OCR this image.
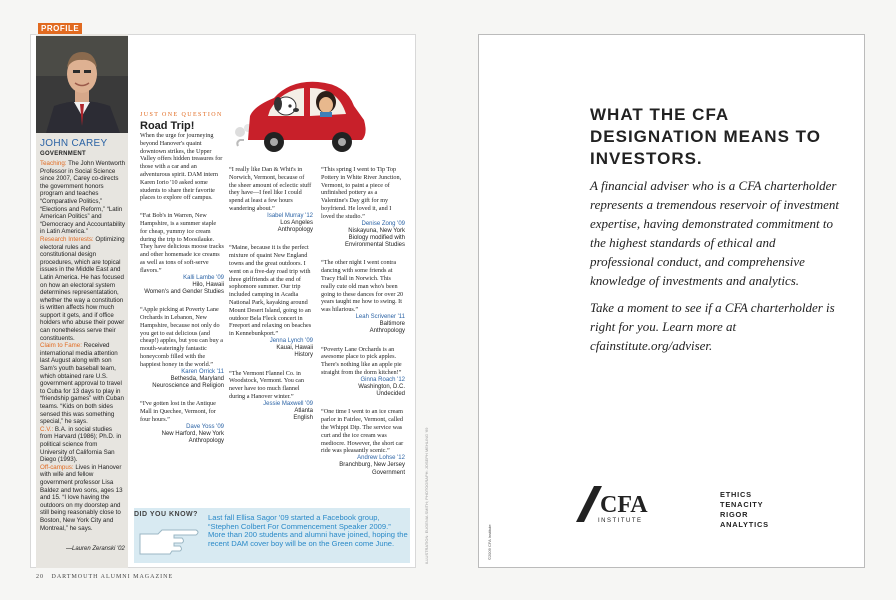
PROFILE
JOHN CAREY
GOVERNMENT

Teaching: The John Wentworth Professor in Social Science since 2007, Carey co-directs the government honors program and teaches “Comparative Politics,” “Elections and Reform,” “Latin American Politics” and “Democracy and Accountability in Latin America.”

Research Interests: Optimizing electoral rules and constitutional design procedures, which are topical issues in the Middle East and Latin America. He has focused on how an electoral system determines representatation, whether the way a constitution is written affects how much support it gets, and if office holders who abuse their power can nonetheless serve their constituents.

Claim to Fame: Received international media attention last August along with son Sam's youth baseball team, which obtained rare U.S. government approval to travel to Cuba for 13 days to play in “friendship games” with Cuban teams. “Kids on both sides sensed this was something special,” he says.

C.V.: B.A. in social studies from Harvard (1986); Ph.D. in political science from University of California San Diego (1993).

Off-campus: Lives in Hanover with wife and fellow government professor Lisa Baldez and two sons, ages 13 and 15. “I love having the outdoors on my doorstep and still being reasonably close to Boston, New York City and Montreal,” he says.

—Lauren Zeranski '02
JUST ONE QUESTION
Road Trip!

When the urge for journeying beyond Hanover's quaint downtown strikes, the Upper Valley offers hidden treasures for those with a car and an adventurous spirit. DAM intern Karen Iorio '10 asked some students to share their favorite places to explore off campus.

“Fat Bob's in Warren, New Hampshire, is a summer staple for cheap, yummy ice cream during the trip to Moosilauke. They have delicious moose tracks and other homemade ice creams as well as tons of soft-serve flavors.”

Kalli Lambe '09
Hilo, Hawaii
Women's and Gender Studies

“Apple picking at Poverty Lane Orchards in Lebanon, New Hampshire, because not only do you get to eat delicious (and cheap!) apples, but you can buy a mouth-wateringly fantastic honeycomb filled with the happiest honey in the world.”

Karen Orrick '11
Bethesda, Maryland
Neuroscience and Religion

“I've gotten lost in the Antique Mall in Quechee, Vermont, for four hours.”

Dave Yoss '09
New Harford, New York
Anthropology

“I really like Dan & Whit's in Norwich, Vermont, because of the sheer amount of eclectic stuff they have—I feel like I could spend at least a few hours wandering about.”

Isabel Murray '12
Los Angeles
Anthropology

“Maine, because it is the perfect mixture of quaint New England towns and the great outdoors. I went on a five-day road trip with three girlfriends at the end of sophomore summer. Our trip included camping in Acadia National Park, kayaking around Mount Desert Island, going to an outdoor Bela Fleck concert in Freeport and relaxing on beaches in Kennebunkport.”

Jenna Lynch '09
Kauai, Hawaii
History

“The Vermont Flannel Co. in Woodstock, Vermont. You can never have too much flannel during a Hanover winter.”

Jessie Maxwell '09
Atlanta
English

“This spring I went to Tip Top Pottery in White River Junction, Vermont, to paint a piece of unfinished pottery as a Valentine's Day gift for my boyfriend. He loved it, and I loved the studio.”

Denise Zong '09
Niskayuna, New York
Biology modified with Environmental Studies

“The other night I went contra dancing with some friends at Tracy Hall in Norwich. This really cute old man who's been going to these dances for over 20 years taught me how to swing. It was hilarious.”

Leah Scrivener '11
Baltimore
Anthropology

“Poverty Lane Orchards is an awesome place to pick apples. There's nothing like an apple pie straight from the dorm kitchen!”

Ginna Roach '12
Washington, D.C.
Undecided

“One time I went to an ice cream parlor in Fairlee, Vermont, called the Whippi Dip. The service was curt and the ice cream was mediocre. However, the short car ride was pleasantly scenic.”

Andrew Lohse '12
Branchburg, New Jersey
Government
DID YOU KNOW? Last fall Ellisa Sagor '09 started a Facebook group, “Stephen Colbert For Commencement Speaker 2009.” More than 200 students and alumni have joined, hoping the recent DAM cover boy will be on the Green come June.
20 DARTMOUTH ALUMNI MAGAZINE
ILLUSTRATION: EUGENIA SMITH; PHOTOGRAPH: JOSEPH MEHLING '69
WHAT THE CFA DESIGNATION MEANS TO INVESTORS.

A financial adviser who is a CFA charterholder represents a tremendous reservoir of investment expertise, having demonstrated commitment to the highest standards of ethical and professional conduct, and comprehensive knowledge of investments and analytics.

Take a moment to see if a CFA charterholder is right for you. Learn more at cfainstitute.org/adviser.

CFA
INSTITUTE
ETHICS
TENACITY
RIGOR
ANALYTICS
©2009 CFA Institute
